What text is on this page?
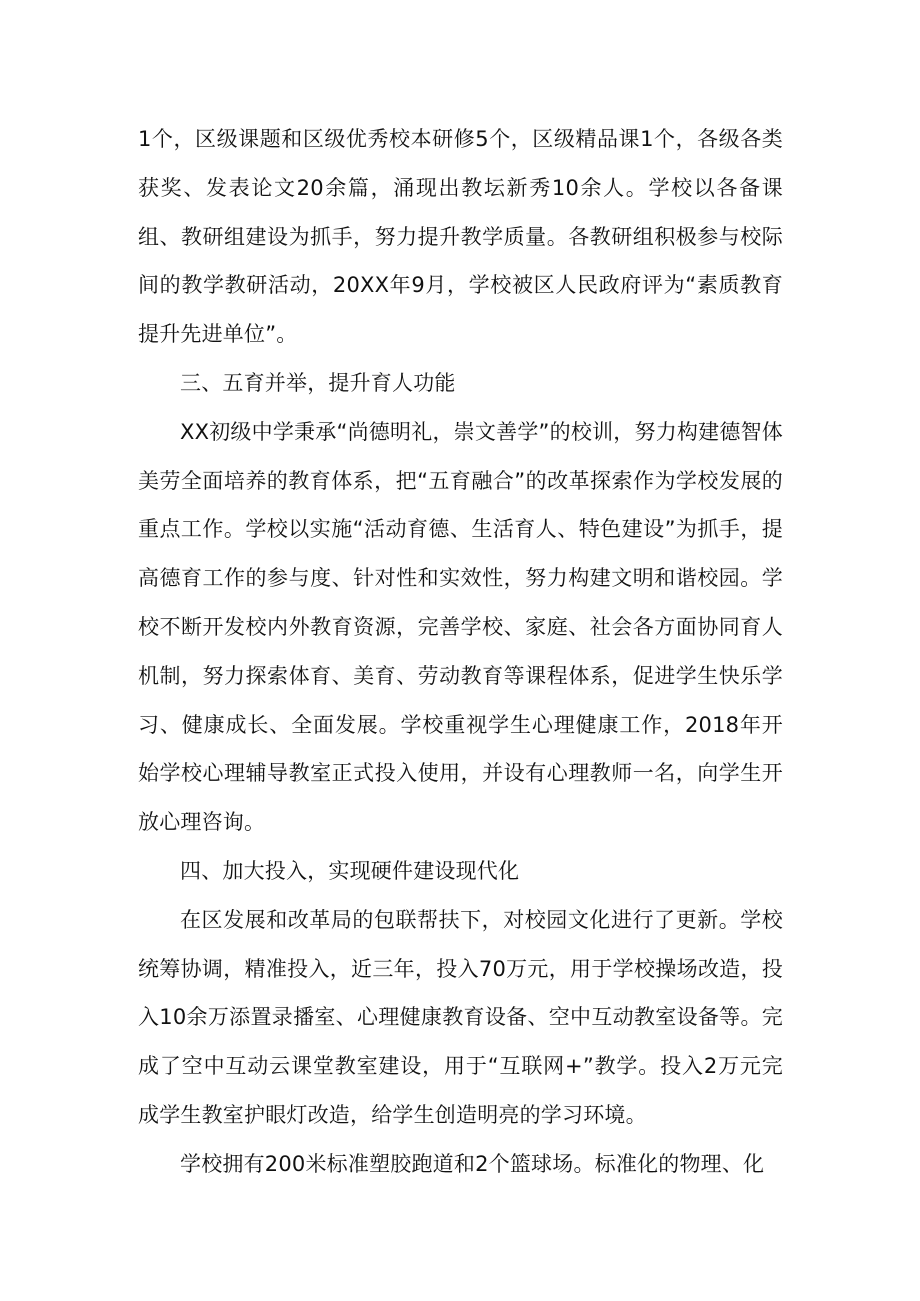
1个，区级课题和区级优秀校本研修5个，区级精品课1个，各级各类获奖、发表论文20余篇，涌现出教坛新秀10余人。学校以各备课组、教研组建设为抓手，努力提升教学质量。各教研组积极参与校际间的教学教研活动，20XX年9月，学校被区人民政府评为“素质教育提升先进单位”。

三、五育并举，提升育人功能

XX初级中学秉承“尚德明礼，崇文善学”的校训，努力构建德智体美劳全面培养的教育体系，把“五育融合”的改革探索作为学校发展的重点工作。学校以实施“活动育德、生活育人、特色建设”为抓手，提高德育工作的参与度、针对性和实效性，努力构建文明和谐校园。学校不断开发校内外教育资源，完善学校、家庭、社会各方面协同育人机制，努力探索体育、美育、劳动教育等课程体系，促进学生快乐学习、健康成长、全面发展。学校重视学生心理健康工作，2018年开始学校心理辅导教室正式投入使用，并设有心理教师一名，向学生开放心理咨询。

四、加大投入，实现硬件建设现代化

在区发展和改革局的包联帮扶下，对校园文化进行了更新。学校统筹协调，精准投入，近三年，投入70万元，用于学校操场改造，投入10余万添置录播室、心理健康教育设备、空中互动教室设备等。完成了空中互动云课堂教室建设，用于“互联网+”教学。投入2万元完成学生教室护眼灯改造，给学生创造明亮的学习环境。

学校拥有200米标准塑胶跑道和2个篮球场。标准化的物理、化
